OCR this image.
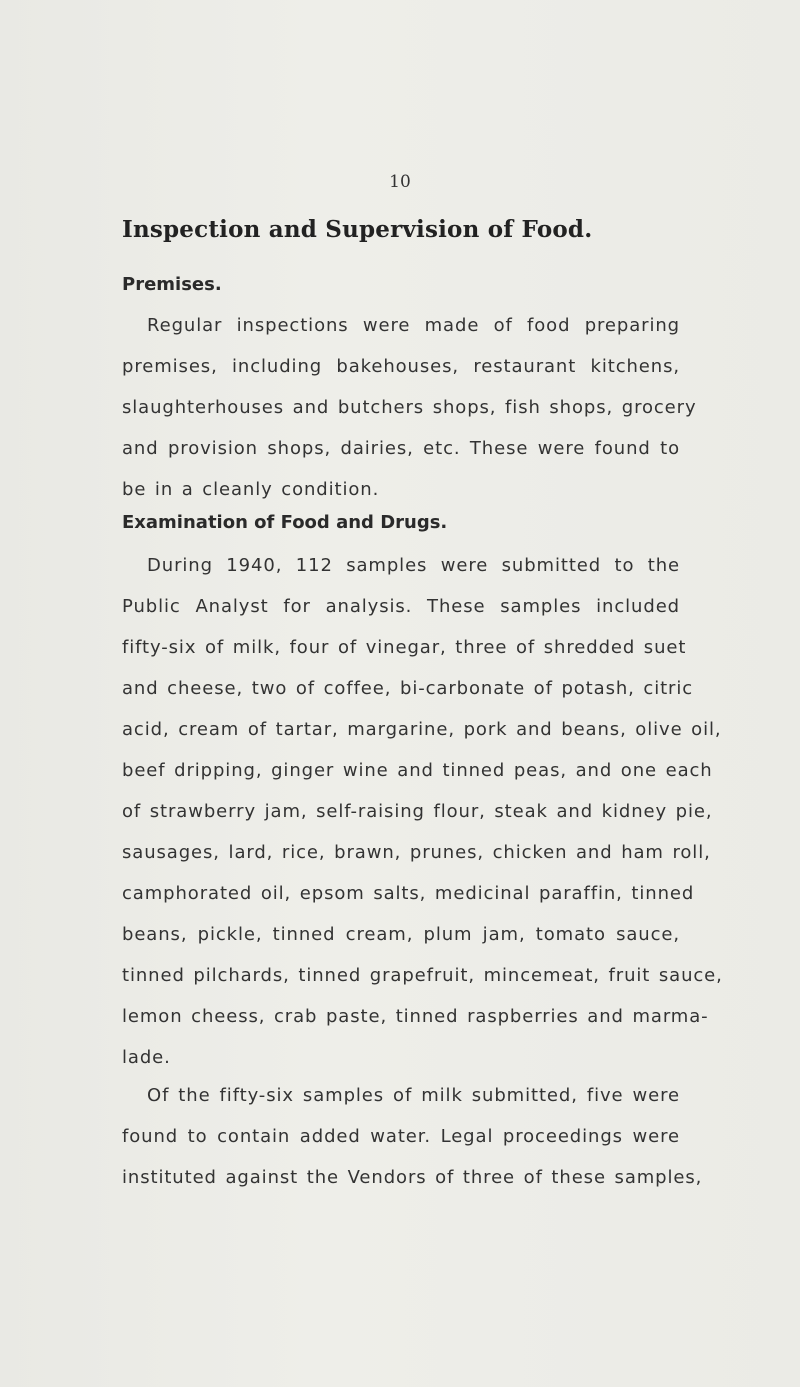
10
Inspection and Supervision of Food.
Premises.
Regular inspections were made of food preparing
premises, including bakehouses, restaurant kitchens,
slaughterhouses and butchers shops, fish shops, grocery
and provision shops, dairies, etc. These were found to
be in a cleanly condition.
Examination of Food and Drugs.
During 1940, 112 samples were submitted to the
Public Analyst for analysis. These samples included
fifty-six of milk, four of vinegar, three of shredded suet
and cheese, two of coffee, bi-carbonate of potash, citric
acid, cream of tartar, margarine, pork and beans, olive oil,
beef dripping, ginger wine and tinned peas, and one each
of strawberry jam, self-raising flour, steak and kidney pie,
sausages, lard, rice, brawn, prunes, chicken and ham roll,
camphorated oil, epsom salts, medicinal paraffin, tinned
beans, pickle, tinned cream, plum jam, tomato sauce,
tinned pilchards, tinned grapefruit, mincemeat, fruit sauce,
lemon cheess, crab paste, tinned raspberries and marma-
lade.
Of the fifty-six samples of milk submitted, five were
found to contain added water. Legal proceedings were
instituted against the Vendors of three of these samples,
